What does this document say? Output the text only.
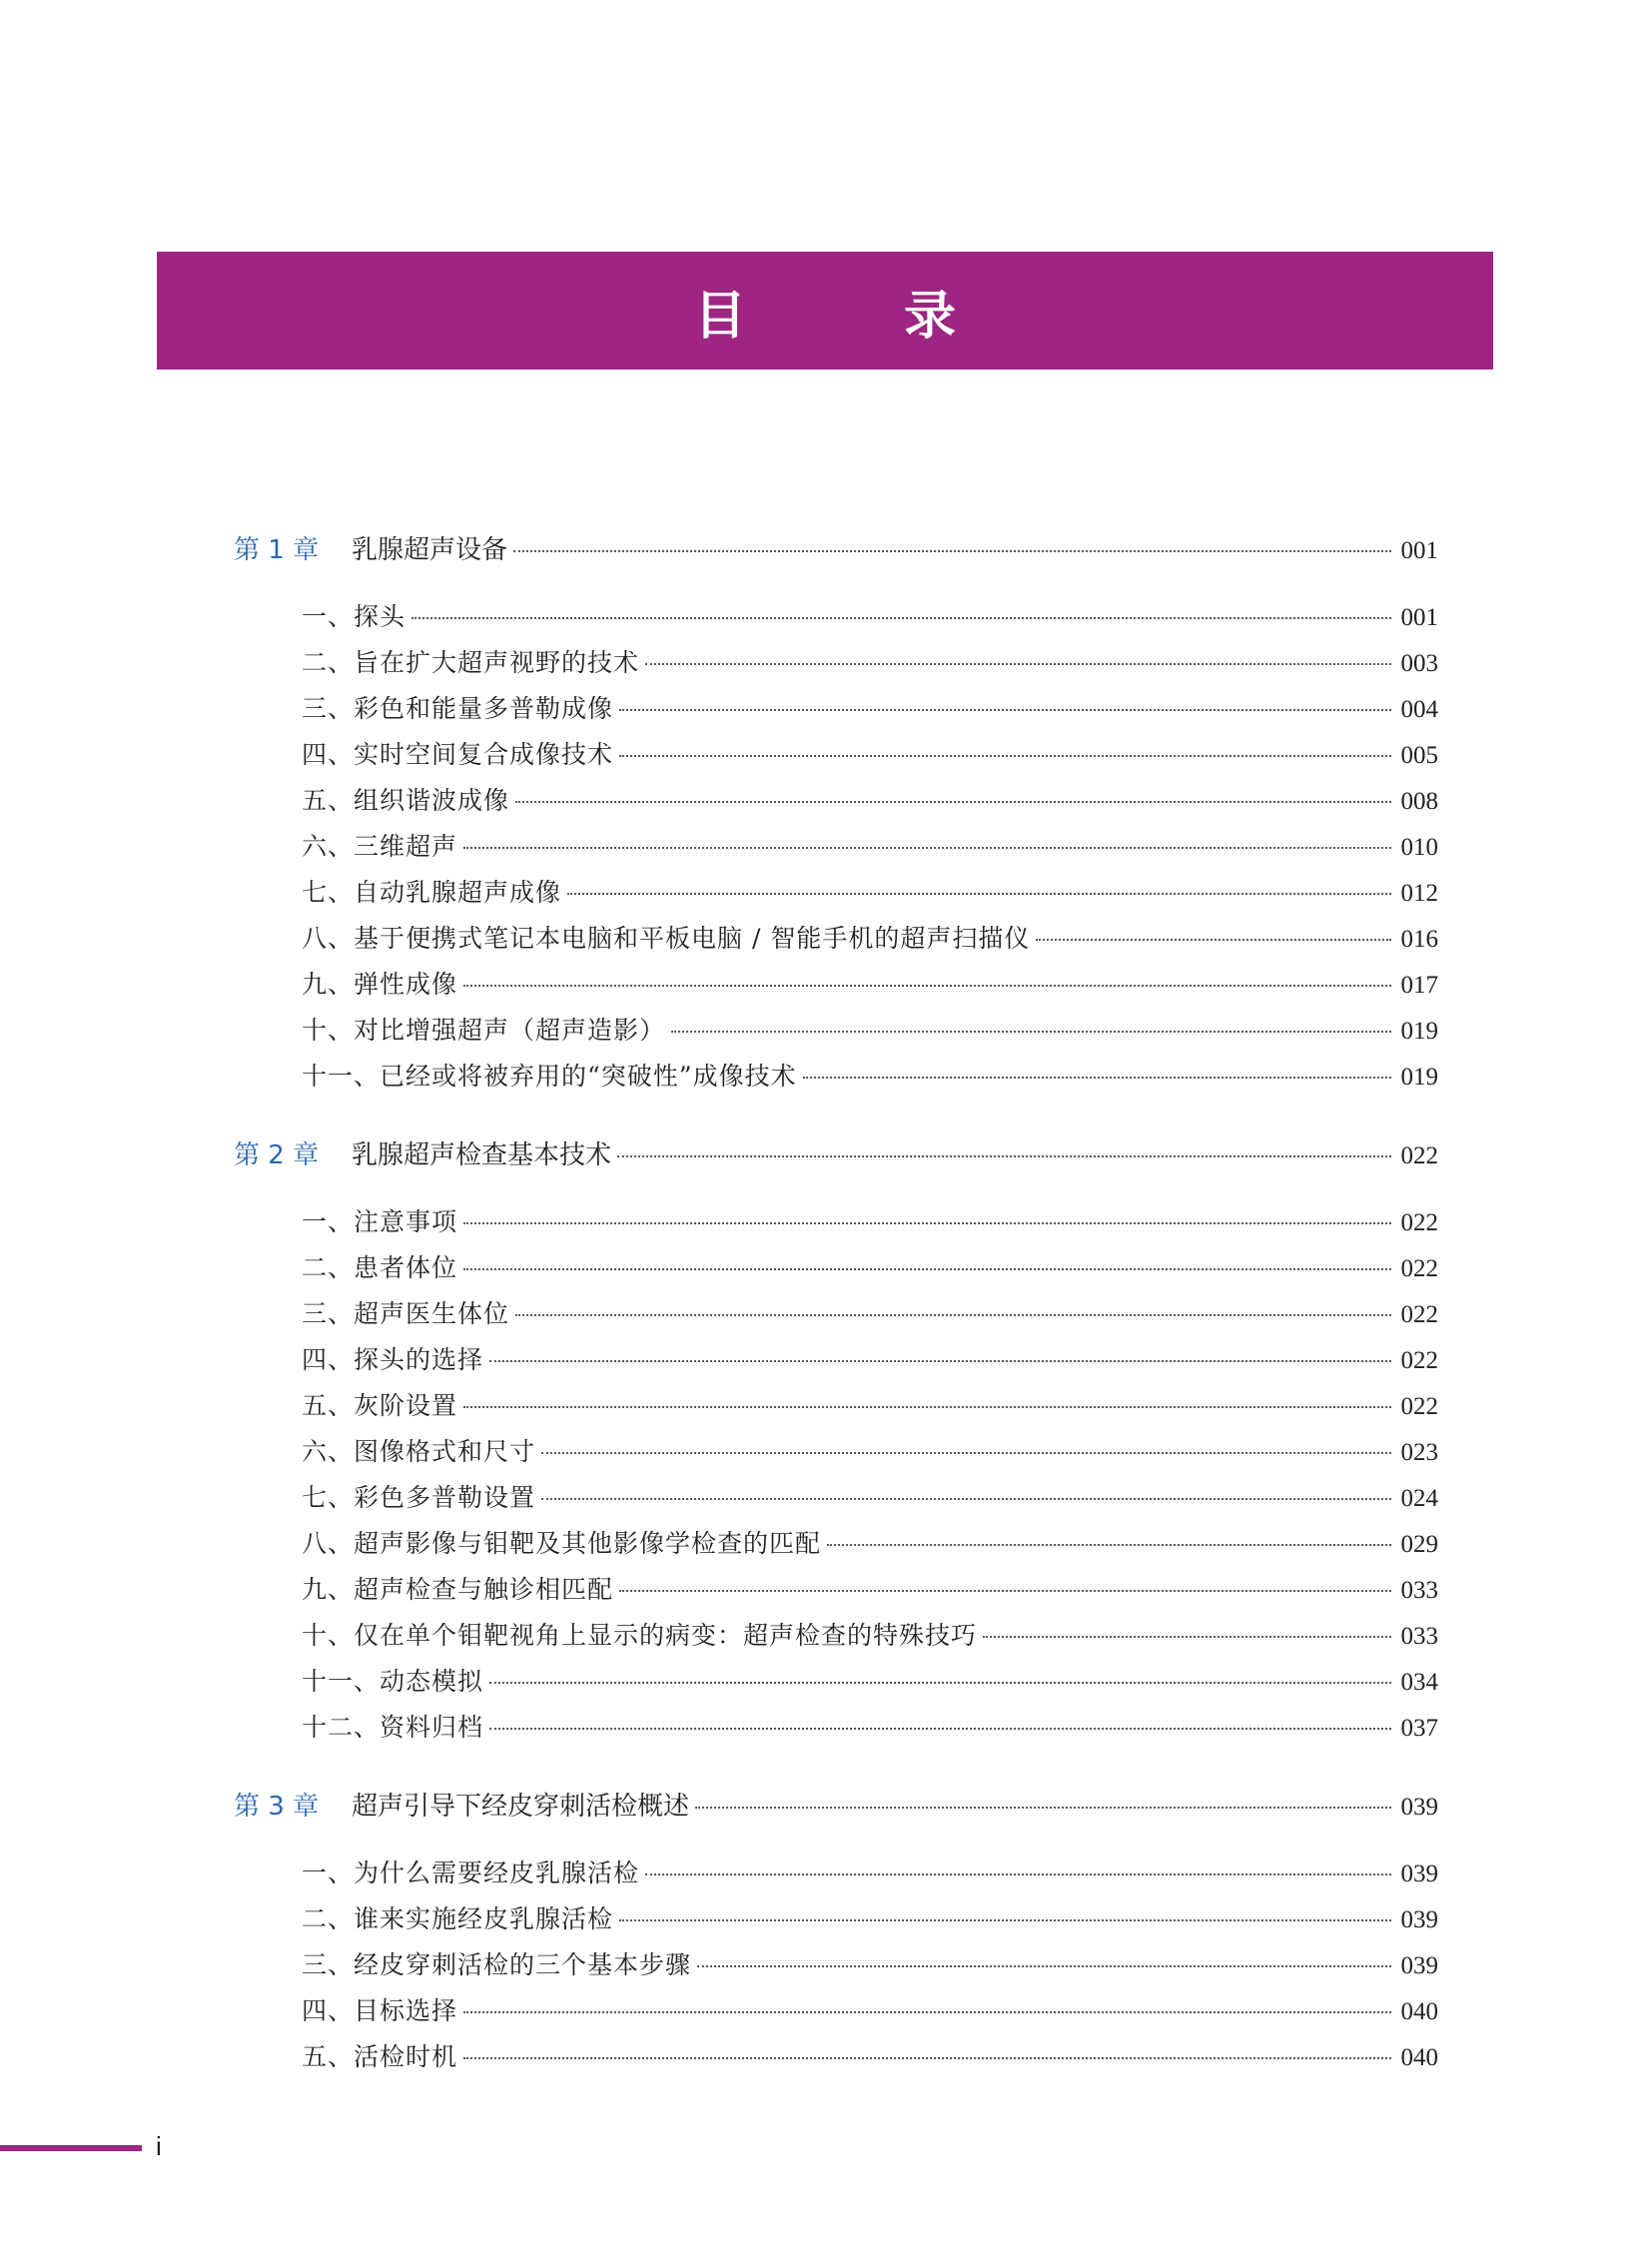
目 录
第 1 章	乳腺超声设备	001
一、探头	001
二、旨在扩大超声视野的技术	003
三、彩色和能量多普勒成像	004
四、实时空间复合成像技术	005
五、组织谐波成像	008
六、三维超声	010
七、自动乳腺超声成像	012
八、基于便携式笔记本电脑和平板电脑 / 智能手机的超声扫描仪	016
九、弹性成像	017
十、对比增强超声（超声造影）	019
十一、已经或将被弃用的“突破性”成像技术	019
第 2 章	乳腺超声检查基本技术	022
一、注意事项	022
二、患者体位	022
三、超声医生体位	022
四、探头的选择	022
五、灰阶设置	022
六、图像格式和尺寸	023
七、彩色多普勒设置	024
八、超声影像与钼靶及其他影像学检查的匹配	029
九、超声检查与触诊相匹配	033
十、仅在单个钼靶视角上显示的病变：超声检查的特殊技巧	033
十一、动态模拟	034
十二、资料归档	037
第 3 章	超声引导下经皮穿刺活检概述	039
一、为什么需要经皮乳腺活检	039
二、谁来实施经皮乳腺活检	039
三、经皮穿刺活检的三个基本步骤	039
四、目标选择	040
五、活检时机	040
i
